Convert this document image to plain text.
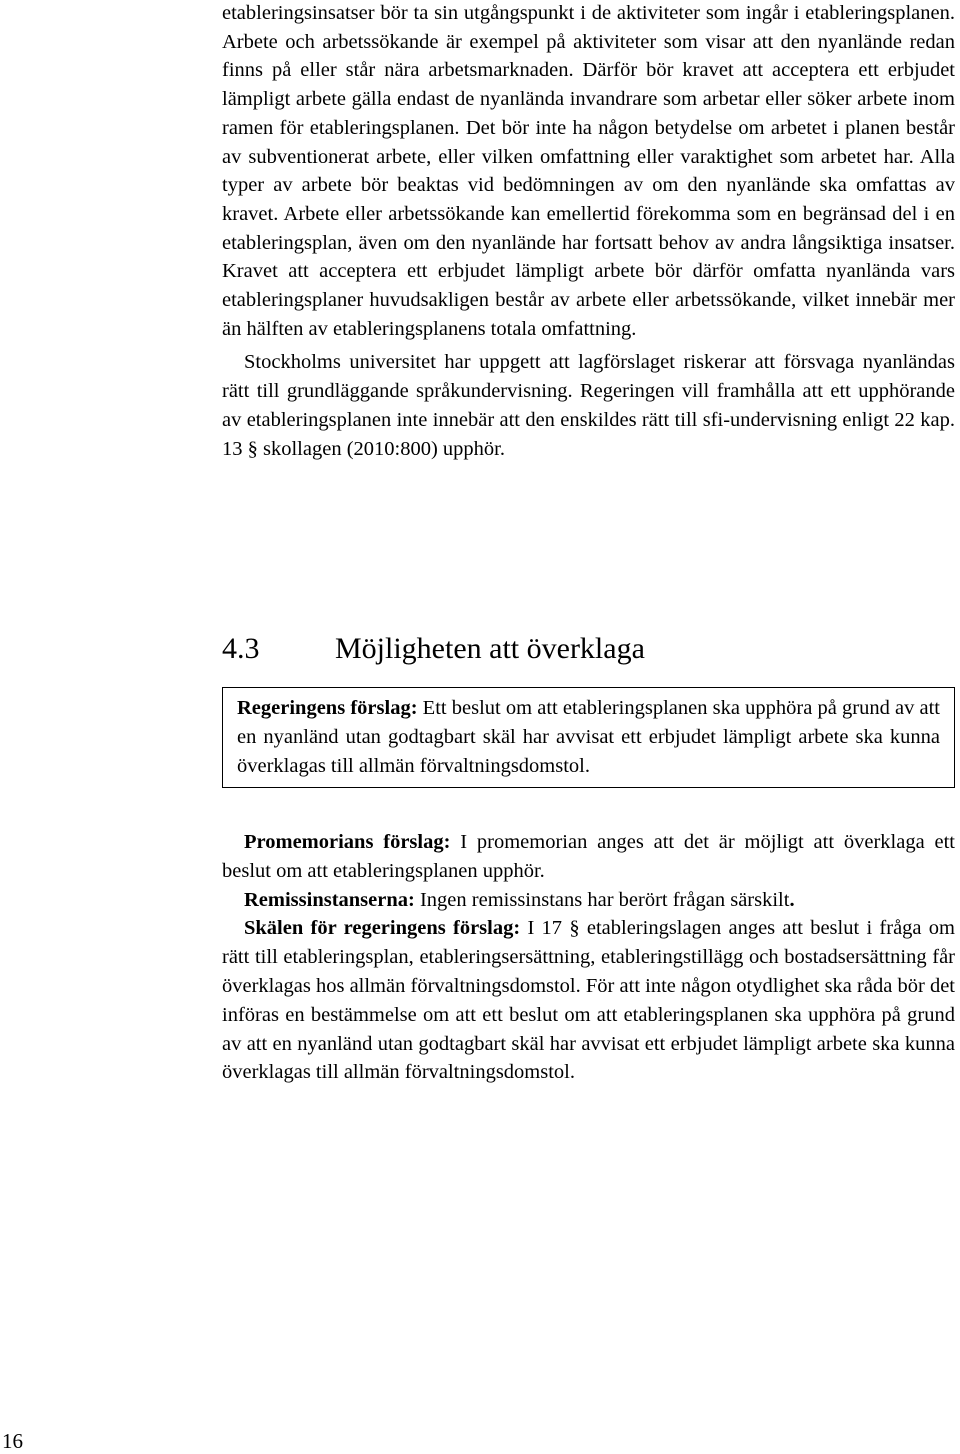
etableringsinsatser bör ta sin utgångspunkt i de aktiviteter som ingår i etableringsplanen. Arbete och arbetssökande är exempel på aktiviteter som visar att den nyanlände redan finns på eller står nära arbetsmarknaden. Därför bör kravet att acceptera ett erbjudet lämpligt arbete gälla endast de nyanlända invandrare som arbetar eller söker arbete inom ramen för etableringsplanen. Det bör inte ha någon betydelse om arbetet i planen består av subventionerat arbete, eller vilken omfattning eller varaktighet som arbetet har. Alla typer av arbete bör beaktas vid bedömningen av om den nyanlände ska omfattas av kravet. Arbete eller arbetssökande kan emellertid förekomma som en begränsad del i en etableringsplan, även om den nyanlände har fortsatt behov av andra långsiktiga insatser. Kravet att acceptera ett erbjudet lämpligt arbete bör därför omfatta nyanlända vars etableringsplaner huvudsakligen består av arbete eller arbetssökande, vilket innebär mer än hälften av etableringsplanens totala omfattning.

Stockholms universitet har uppgett att lagförslaget riskerar att försvaga nyanländas rätt till grundläggande språkundervisning. Regeringen vill framhålla att ett upphörande av etableringsplanen inte innebär att den enskildes rätt till sfi-undervisning enligt 22 kap. 13 § skollagen (2010:800) upphör.

4.3	Möjligheten att överklaga

Regeringens förslag: Ett beslut om att etableringsplanen ska upphöra på grund av att en nyanländ utan godtagbart skäl har avvisat ett erbjudet lämpligt arbete ska kunna överklagas till allmän förvaltningsdomstol.

Promemorians förslag: I promemorian anges att det är möjligt att överklaga ett beslut om att etableringsplanen upphör.

Remissinstanserna: Ingen remissinstans har berört frågan särskilt.

Skälen för regeringens förslag: I 17 § etableringslagen anges att beslut i fråga om rätt till etableringsplan, etableringsersättning, etableringstillägg och bostadsersättning får överklagas hos allmän förvaltningsdomstol. För att inte någon otydlighet ska råda bör det införas en bestämmelse om att ett beslut om att etableringsplanen ska upphöra på grund av att en nyanländ utan godtagbart skäl har avvisat ett erbjudet lämpligt arbete ska kunna överklagas till allmän förvaltningsdomstol.

16
